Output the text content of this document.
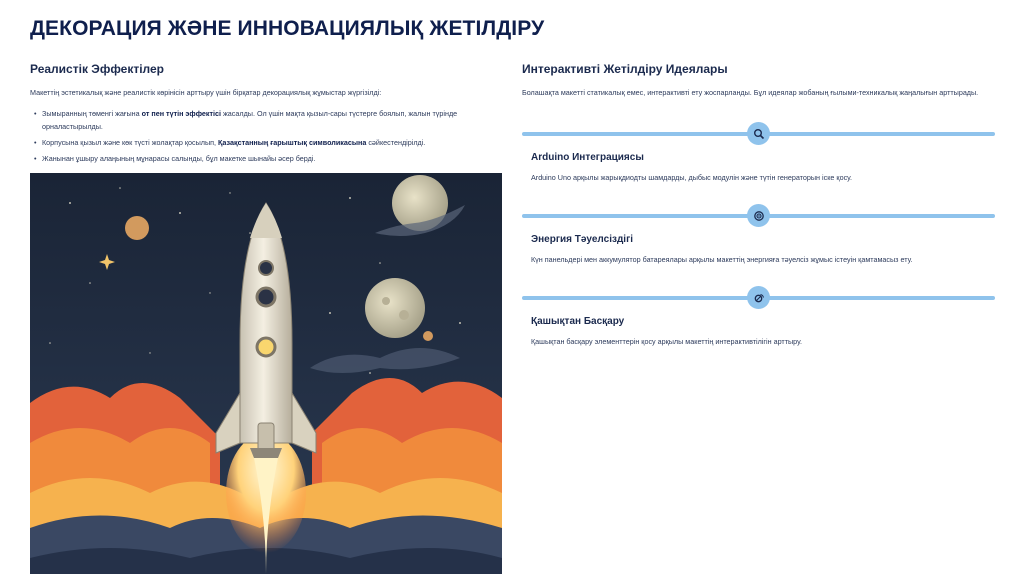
ДЕКОРАЦИЯ ЖӘНЕ ИННОВАЦИЯЛЫҚ ЖЕТІЛДІРУ
Реалистік Эффектілер

Макеттің эстетикалық және реалистік көрінісін арттыру үшін бірқатар декорациялық жұмыстар жүргізілді:

• Зымыранның төменгі жағына от пен түтін эффектісі жасалды. Ол үшін мақта қызыл-сары түстерге боялып, жалын түрінде орналастырылды.
• Корпусына қызыл және көк түсті жолақтар қосылып, Қазақстанның ғарыштық символикасына сәйкестендірілді.
• Жанынан ұшыру алаңының мұнарасы салынды, бұл макетке шынайы әсер берді.
Интерактивті Жетілдіру Идеялары

Болашақта макетті статикалық емес, интерактивті ету жоспарланды. Бұл идеялар жобаның ғылыми-техникалық жаңалығын арттырады.

Arduino Интеграциясы

Arduino Uno арқылы жарықдиодты шамдарды, дыбыс модулін және түтін генераторын іске қосу.

Энергия Тәуелсіздігі

Күн панельдері мен аккумулятор батареялары арқылы макеттің энергияға тәуелсіз жұмыс істеуін қамтамасыз ету.

Қашықтан Басқару

Қашықтан басқару элементтерін қосу арқылы макеттің интерактивтілігін арттыру.
